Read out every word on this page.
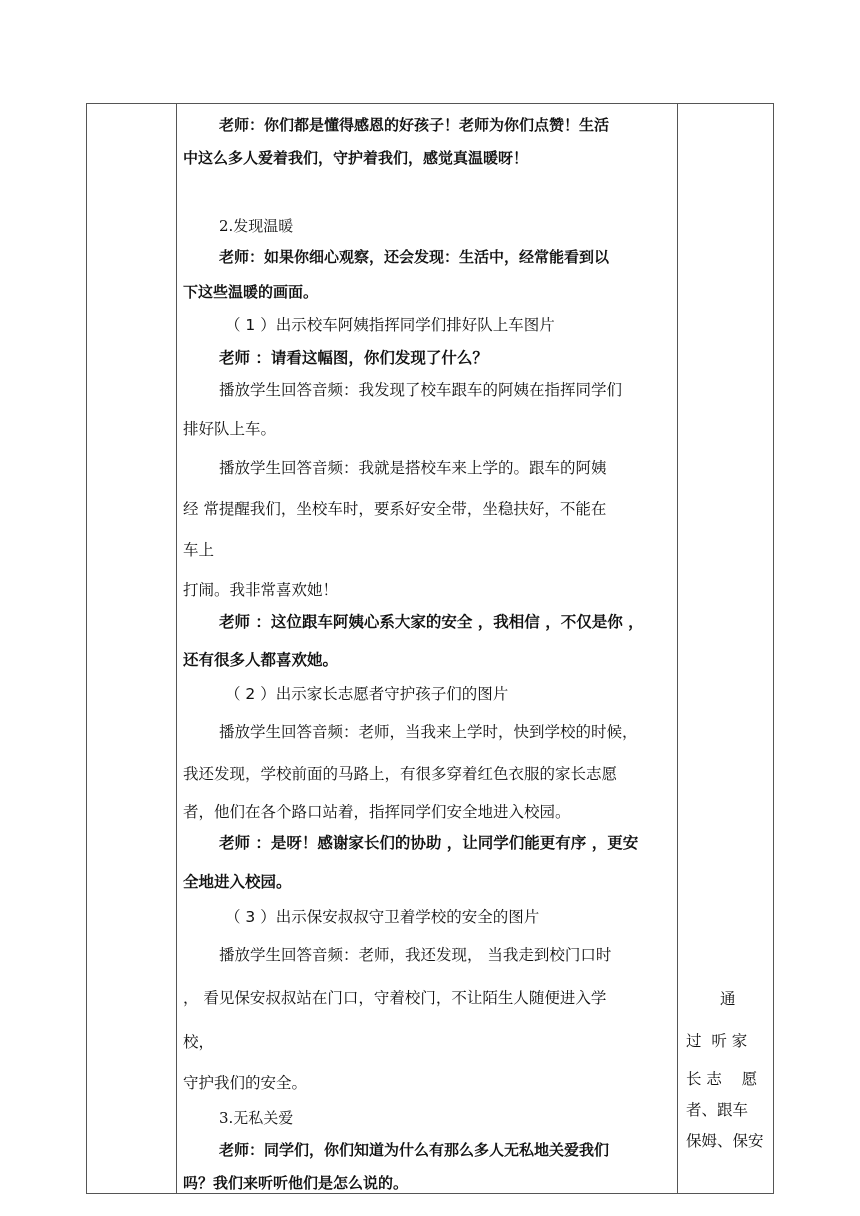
老师：你们都是懂得感恩的好孩子！老师为你们点赞！生活
中这么多人爱着我们，守护着我们，感觉真温暖呀！
2.发现温暖
老师：如果你细心观察，还会发现：生活中，经常能看到以
下这些温暖的画面。
（ 1 ）出示校车阿姨指挥同学们排好队上车图片
老师 ：请看这幅图，你们发现了什么？
播放学生回答音频：我发现了校车跟车的阿姨在指挥同学们
排好队上车。
播放学生回答音频：我就是搭校车来上学的。跟车的阿姨
经 常提醒我们，坐校车时，要系好安全带，坐稳扶好，不能在
车上
打闹。我非常喜欢她！
老师 ：这位跟车阿姨心系大家的安全 ，我相信 ，不仅是你 ，
还有很多人都喜欢她。
（ 2 ）出示家长志愿者守护孩子们的图片
播放学生回答音频：老师，当我来上学时，快到学校的时候，
我还发现，学校前面的马路上，有很多穿着红色衣服的家长志愿
者，他们在各个路口站着，指挥同学们安全地进入校园。
老师 ：是呀！感谢家长们的协助 ，让同学们能更有序 ，更安
全地进入校园。
（ 3 ）出示保安叔叔守卫着学校的安全的图片
播放学生回答音频：老师，我还发现， 当我走到校门口时
， 看见保安叔叔站在门口，守着校门，不让陌生人随便进入学
校，
守护我们的安全。
3.无私关爱
老师：同学们，你们知道为什么有那么多人无私地关爱我们
吗？我们来听听他们是怎么说的。
通
过  听 家
长 志    愿
者、跟车
保姆、保安
